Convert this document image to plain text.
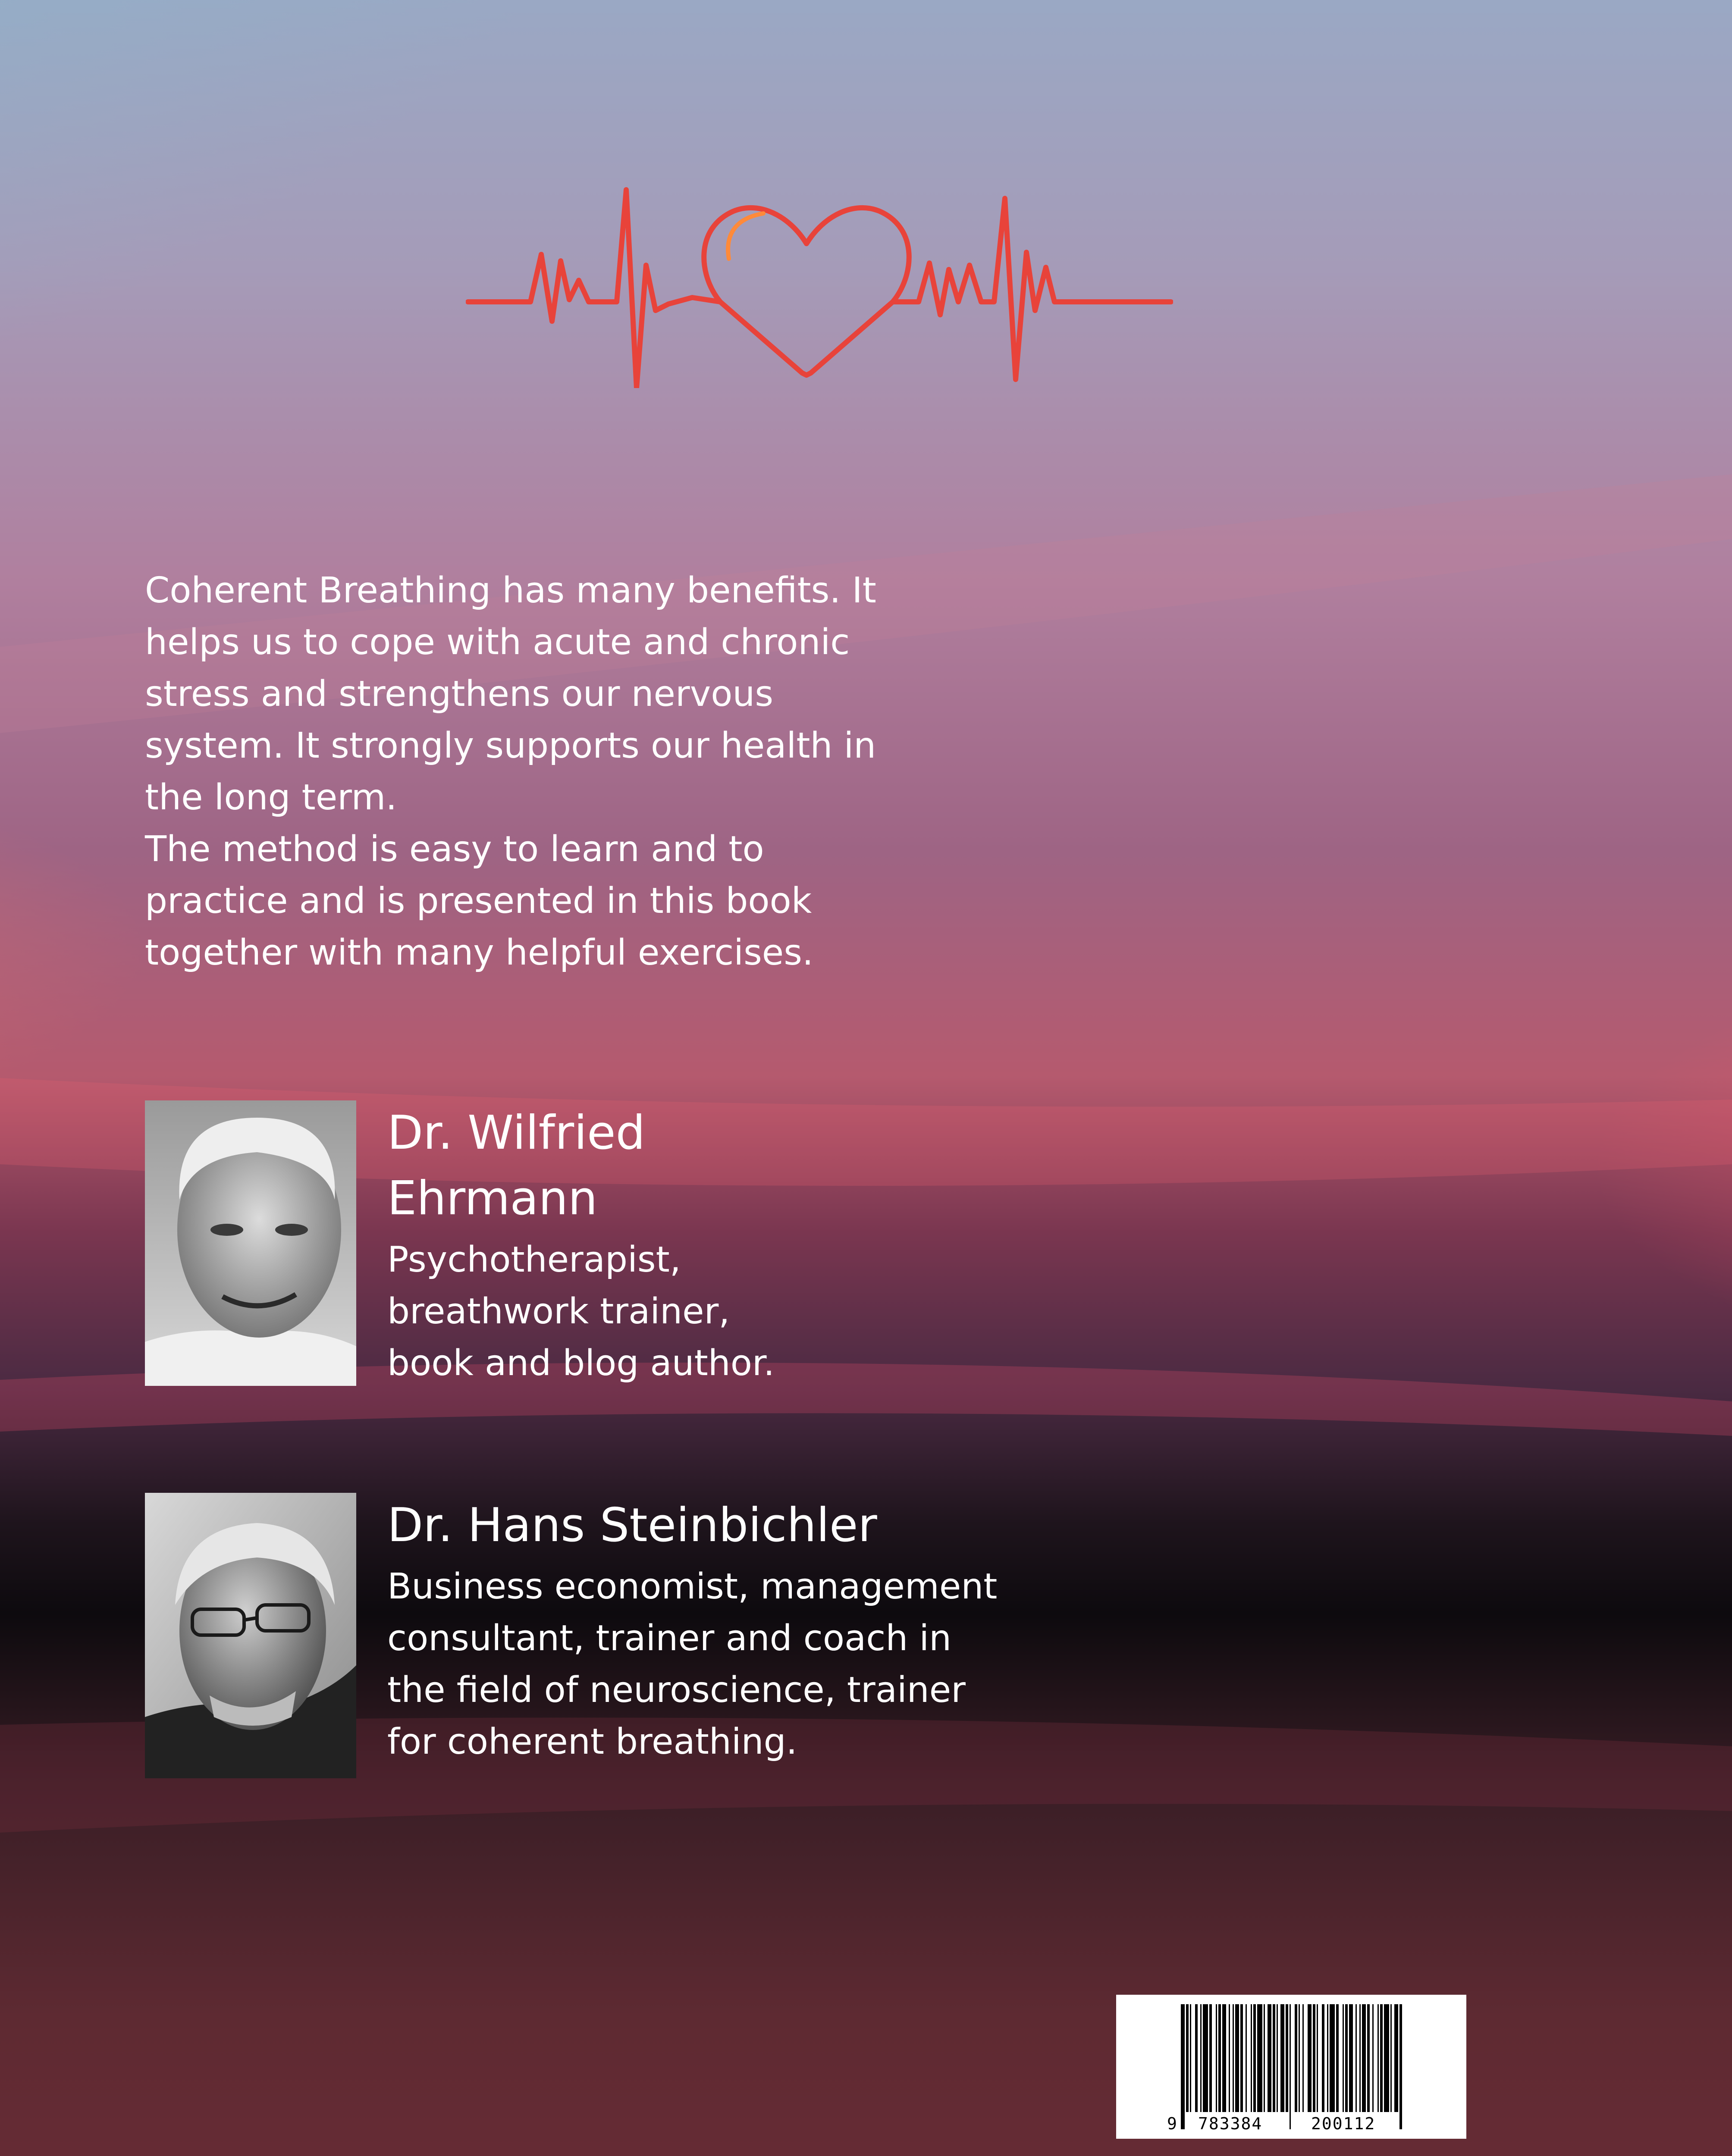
Coherent Breathing has many benefits. It helps us to cope with acute and chronic stress and strengthens our nervous system. It strongly supports our health in the long term.

The method is easy to learn and to practice and is presented in this book together with many helpful exercises.

Dr. Wilfried
Ehrmann
Psychotherapist,
breathwork trainer,
book and blog author.
Dr. Hans Steinbichler
Business economist, management
consultant, trainer and coach in
the field of neuroscience, trainer
for coherent breathing.
9 783384	200112
